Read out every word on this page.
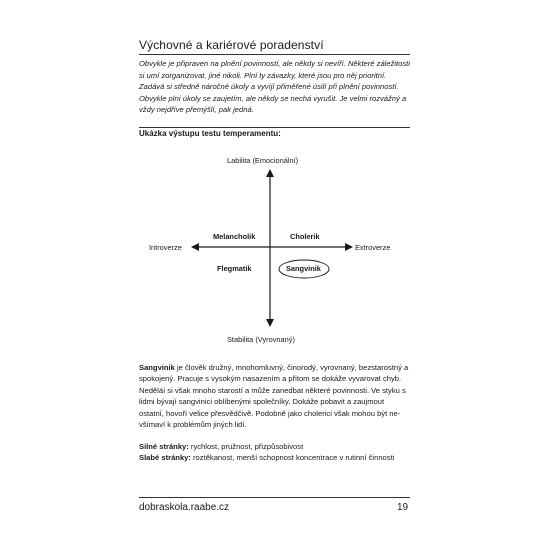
Výchovné a kariérové poradenství

Obvykle je připraven na plnění povinností, ale někdy si neví​ří. Některé záležitosti si umí zorganizovat, jiné nikoli. Plní ty závazky, které jsou pro něj prioritní. Zadává si středně náročné úkoly a vyvíjí přiměřené úsilí při plnění povinností. Obvykle plní úkoly se zaujetím, ale někdy se nechá vyrušit. Je velmi rozvážný a vždy nejdříve přemýšlí, pak jedná.

Ukázka výstupu testu temperamentu:
Labilita (Emocionální)
Stabilita (Vyrovnaný)
Introverze	Extroverze
Melancholik	Cholerik
Flegmatik	Sangvinik

Sangvinik je člověk družný, mnohomluvný, činorodý, vyrovnaný, bezstarostný a spokojený. Pracuje s vysokým nasazením a přitom se dokáže vyvarovat chyb. Neděláí si však mnoho starostí a může zanedbat některé povinnosti. Ve styku s lidmi bývají sangvinici oblíbenými společníky. Dokáže pobavit a zaujmout ostatní, hovoří velice přesvědčivě. Podobně jako cholerici však mohou být nevšímaví k problémům jiných lidí.

Silné stránky: rychlost, pružnost, přizpůsobivost
Slabé stránky: roztěkanost, menší schopnost koncentrace v rutinní činnosti
dobraskola.raabe.cz	19
